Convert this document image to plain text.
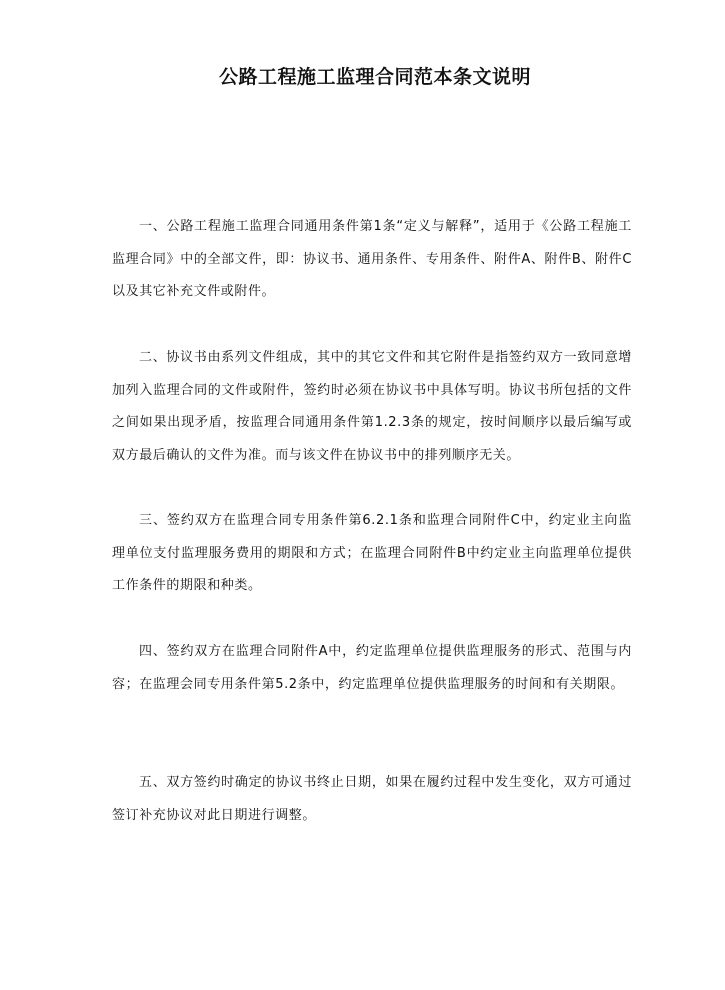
公路工程施工监理合同范本条文说明

一、公路工程施工监理合同通用条件第1条“定义与解释”，适用于《公路工程施工监理合同》中的全部文件，即：协议书、通用条件、专用条件、附件A、附件B、附件C以及其它补充文件或附件。

二、协议书由系列文件组成，其中的其它文件和其它附件是指签约双方一致同意增加列入监理合同的文件或附件，签约时必须在协议书中具体写明。协议书所包括的文件之间如果出现矛盾，按监理合同通用条件第1.2.3条的规定，按时间顺序以最后编写或双方最后确认的文件为准。而与该文件在协议书中的排列顺序无关。

三、签约双方在监理合同专用条件第6.2.1条和监理合同附件C中，约定业主向监理单位支付监理服务费用的期限和方式；在监理合同附件B中约定业主向监理单位提供工作条件的期限和种类。

四、签约双方在监理合同附件A中，约定监理单位提供监理服务的形式、范围与内容；在监理会同专用条件第5.2条中，约定监理单位提供监理服务的时间和有关期限。

五、双方签约时确定的协议书终止日期，如果在履约过程中发生变化，双方可通过签订补充协议对此日期进行调整。
